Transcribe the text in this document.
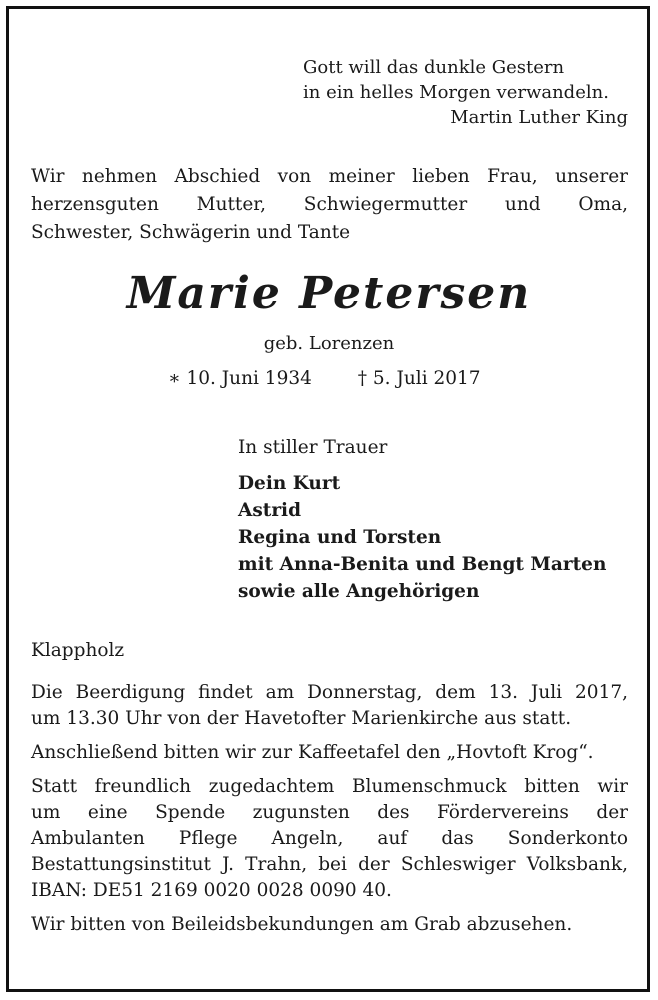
Gott will das dunkle Gestern
in ein helles Morgen verwandeln.
Martin Luther King
Wir nehmen Abschied von meiner lieben Frau, unserer
herzensguten Mutter, Schwiegermutter und Oma,
Schwester, Schwägerin und Tante
Marie Petersen
geb. Lorenzen
∗ 10. Juni 1934 † 5. Juli 2017
In stiller Trauer
Dein Kurt
Astrid
Regina und Torsten
mit Anna-Benita und Bengt Marten
sowie alle Angehörigen
Klappholz

Die Beerdigung findet am Donnerstag, dem 13. Juli 2017,
um 13.30 Uhr von der Havetofter Marienkirche aus statt.

Anschließend bitten wir zur Kaffeetafel den „Hovtoft Krog“.

Statt freundlich zugedachtem Blumenschmuck bitten wir
um eine Spende zugunsten des Fördervereins der
Ambulanten Pflege Angeln, auf das Sonderkonto
Bestattungsinstitut J. Trahn, bei der Schleswiger Volksbank,
IBAN: DE51 2169 0020 0028 0090 40.

Wir bitten von Beileidsbekundungen am Grab abzusehen.
